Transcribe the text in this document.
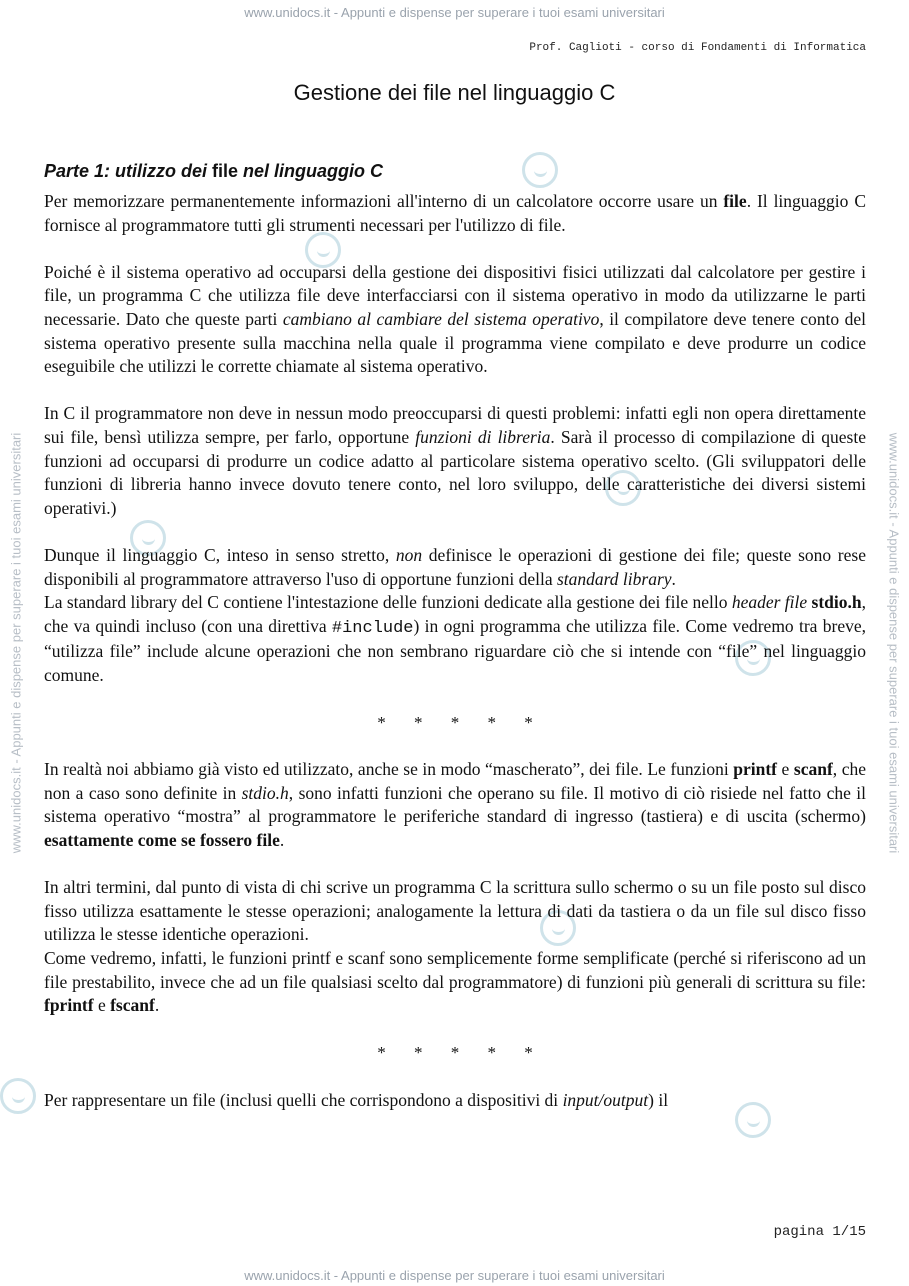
www.unidocs.it - Appunti e dispense per superare i tuoi esami universitari
www.unidocs.it - Appunti e dispense per superare i tuoi esami universitari
www.unidocs.it - Appunti e dispense per superare i tuoi esami universitari	www.unidocs.it - Appunti e dispense per superare i tuoi esami universitari
Prof. Caglioti - corso di Fondamenti di Informatica
Gestione dei file nel linguaggio C
Parte 1: utilizzo dei file nel linguaggio C

Per memorizzare permanentemente informazioni all'interno di un calcolatore occorre usare un file. Il linguaggio C fornisce al programmatore tutti gli strumenti necessari per l'utilizzo di file.

Poiché è il sistema operativo ad occuparsi della gestione dei dispositivi fisici utilizzati dal calcolatore per gestire i file, un programma C che utilizza file deve interfacciarsi con il sistema operativo in modo da utilizzarne le parti necessarie. Dato che queste parti cambiano al cambiare del sistema operativo, il compilatore deve tenere conto del sistema operativo presente sulla macchina nella quale il programma viene compilato e deve produrre un codice eseguibile che utilizzi le corrette chiamate al sistema operativo.

In C il programmatore non deve in nessun modo preoccuparsi di questi problemi: infatti egli non opera direttamente sui file, bensì utilizza sempre, per farlo, opportune funzioni di libreria. Sarà il processo di compilazione di queste funzioni ad occuparsi di produrre un codice adatto al particolare sistema operativo scelto. (Gli sviluppatori delle funzioni di libreria hanno invece dovuto tenere conto, nel loro sviluppo, delle caratteristiche dei diversi sistemi operativi.)

Dunque il linguaggio C, inteso in senso stretto, non definisce le operazioni di gestione dei file; queste sono rese disponibili al programmatore attraverso l'uso di opportune funzioni della standard library.

La standard library del C contiene l'intestazione delle funzioni dedicate alla gestione dei file nello header file stdio.h, che va quindi incluso (con una direttiva #include) in ogni programma che utilizza file. Come vedremo tra breve, “utilizza file” include alcune operazioni che non sembrano riguardare ciò che si intende con “file” nel linguaggio comune.

* * * * *

In realtà noi abbiamo già visto ed utilizzato, anche se in modo “mascherato”, dei file. Le funzioni printf e scanf, che non a caso sono definite in stdio.h, sono infatti funzioni che operano su file. Il motivo di ciò risiede nel fatto che il sistema operativo “mostra” al programmatore le periferiche standard di ingresso (tastiera) e di uscita (schermo) esattamente come se fossero file.

In altri termini, dal punto di vista di chi scrive un programma C la scrittura sullo schermo o su un file posto sul disco fisso utilizza esattamente le stesse operazioni; analogamente la lettura di dati da tastiera o da un file sul disco fisso utilizza le stesse identiche operazioni.

Come vedremo, infatti, le funzioni printf e scanf sono semplicemente forme semplificate (perché si riferiscono ad un file prestabilito, invece che ad un file qualsiasi scelto dal programmatore) di funzioni più generali di scrittura su file: fprintf e fscanf.

* * * * *

Per rappresentare un file (inclusi quelli che corrispondono a dispositivi di input/output) il

pagina 1/15
